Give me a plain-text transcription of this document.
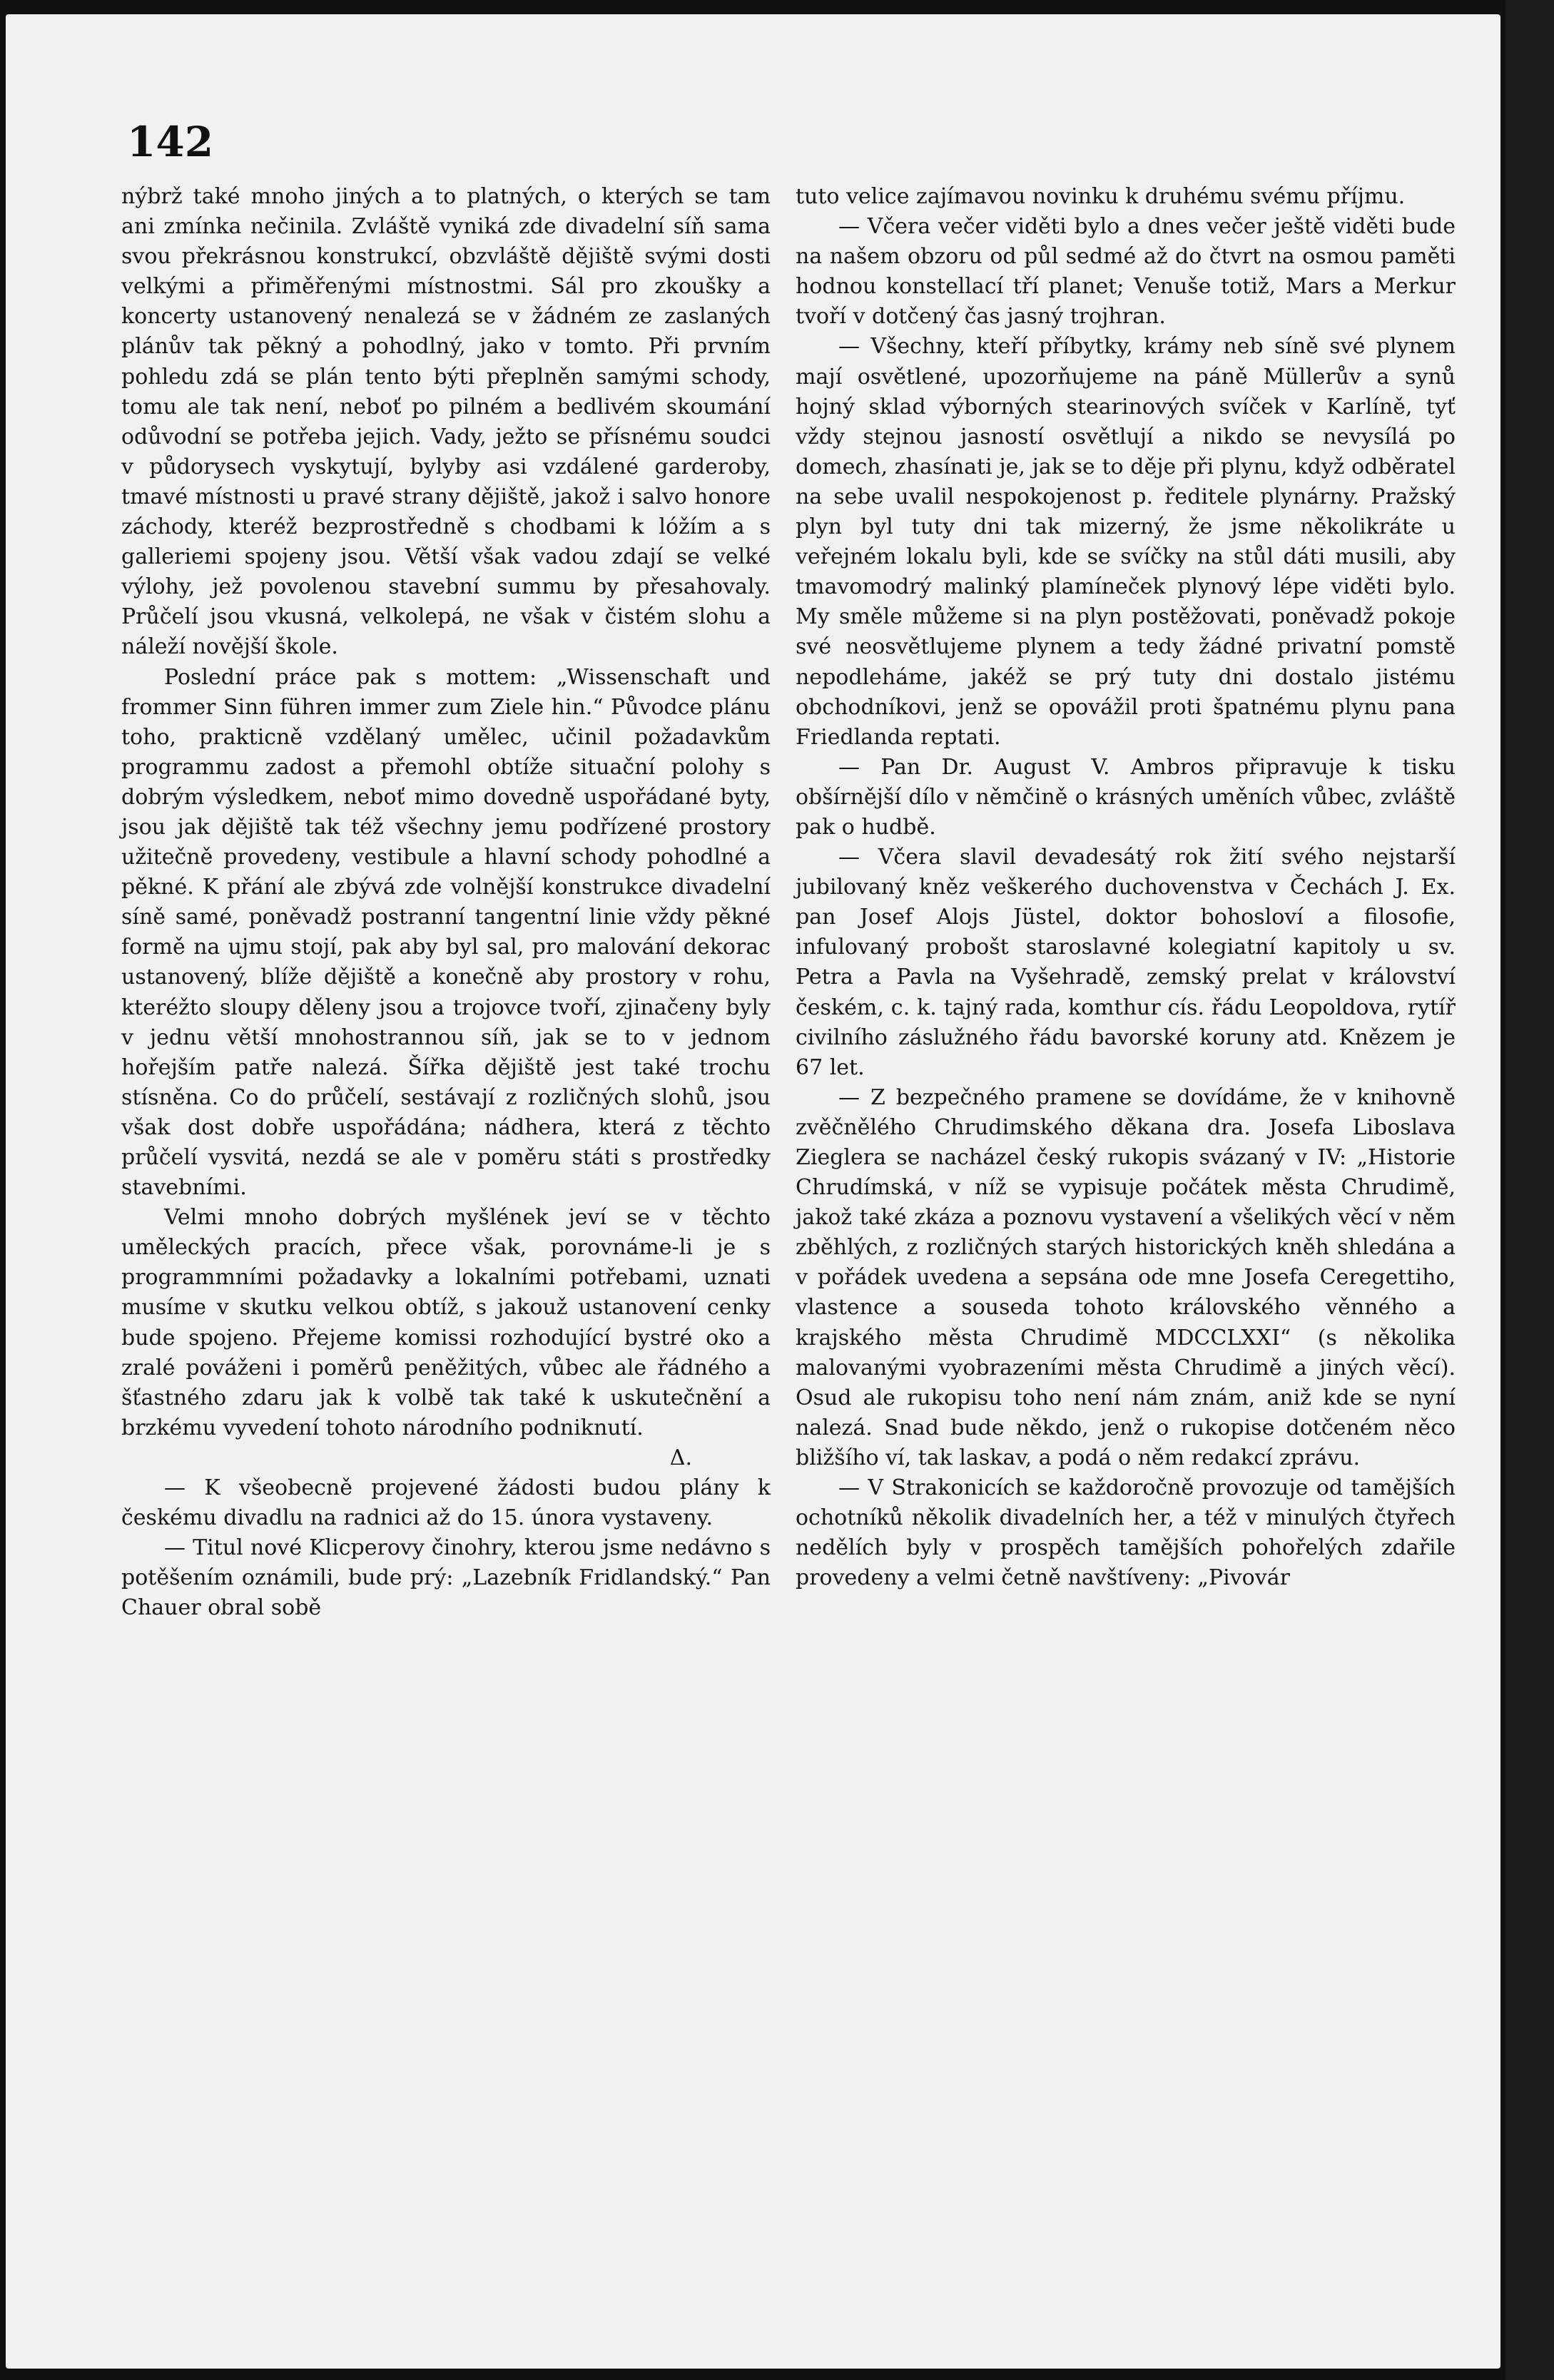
142

nýbrž také mnoho jiných a to platných, o kterých se tam ani zmínka nečinila. Zvláště vyniká zde divadelní síň sama svou překrásnou konstrukcí, obzvláště dějiště svými dosti velkými a přiměřenými místnostmi. Sál pro zkoušky a koncerty ustanovený nenalezá se v žádném ze zaslaných plánův tak pěkný a pohodlný, jako v tomto. Při prvním pohledu zdá se plán tento býti přeplněn samými schody, tomu ale tak není, neboť po pilném a bedlivém skoumání odůvodní se potřeba jejich. Vady, ježto se přísnému soudci v půdorysech vyskytují, bylyby asi vzdálené garderoby, tmavé místnosti u pravé strany dějiště, jakož i salvo honore záchody, kteréž bezprostředně s chodbami k lóžím a s galleriemi spojeny jsou. Větší však vadou zdají se velké výlohy, jež povolenou stavební summu by přesahovaly. Průčelí jsou vkusná, velkolepá, ne však v čistém slohu a náleží novější škole.

Poslední práce pak s mottem: „Wissenschaft und frommer Sinn führen immer zum Ziele hin.“ Původce plánu toho, prakticně vzdělaný umělec, učinil požadavkům programmu zadost a přemohl obtíže situační polohy s dobrým výsledkem, neboť mimo dovedně uspořádané byty, jsou jak dějiště tak též všechny jemu podřízené prostory užitečně provedeny, vestibule a hlavní schody pohodlné a pěkné. K přání ale zbývá zde volnější konstrukce divadelní síně samé, poněvadž postranní tangentní linie vždy pěkné formě na ujmu stojí, pak aby byl sal, pro malování dekorac ustanovený, blíže dějiště a konečně aby prostory v rohu, kteréžto sloupy děleny jsou a trojovce tvoří, zjinačeny byly v jednu větší mnohostrannou síň, jak se to v jednom hořejším patře nalezá. Šířka dějiště jest také trochu stísněna. Co do průčelí, sestávají z rozličných slohů, jsou však dost dobře uspořádána; nádhera, která z těchto průčelí vysvitá, nezdá se ale v poměru státi s prostředky stavebními.

Velmi mnoho dobrých myšlének jeví se v těchto uměleckých pracích, přece však, porovnáme-li je s programmními požadavky a lokalními potřebami, uznati musíme v skutku velkou obtíž, s jakouž ustanovení cenky bude spojeno. Přejeme komissi rozhodující bystré oko a zralé pováženi i poměrů peněžitých, vůbec ale řádného a šťastného zdaru jak k volbě tak také k uskutečnění a brzkému vyvedení tohoto národního podniknutí.

Δ.

— K všeobecně projevené žádosti budou plány k českému divadlu na radnici až do 15. února vystaveny.

— Titul nové Klicperovy činohry, kterou jsme nedávno s potěšením oznámili, bude prý: „Lazebník Fridlandský.“ Pan Chauer obral sobě

tuto velice zajímavou novinku k druhému svému příjmu.

— Včera večer viděti bylo a dnes večer ještě viděti bude na našem obzoru od půl sedmé až do čtvrt na osmou paměti hodnou konstellací tří planet; Venuše totiž, Mars a Merkur tvoří v dotčený čas jasný trojhran.

— Všechny, kteří příbytky, krámy neb síně své plynem mají osvětlené, upozorňujeme na páně Müllerův a synů hojný sklad výborných stearinových svíček v Karlíně, tyť vždy stejnou jasností osvětlují a nikdo se nevysílá po domech, zhasínati je, jak se to děje při plynu, když odběratel na sebe uvalil nespokojenost p. ředitele plynárny. Pražský plyn byl tuty dni tak mizerný, že jsme několikráte u veřejném lokalu byli, kde se svíčky na stůl dáti musili, aby tmavomodrý malinký plamíneček plynový lépe viděti bylo. My směle můžeme si na plyn postěžovati, poněvadž pokoje své neosvětlujeme plynem a tedy žádné privatní pomstě nepodleháme, jakéž se prý tuty dni dostalo jistému obchodníkovi, jenž se opovážil proti špatnému plynu pana Friedlanda reptati.

— Pan Dr. August V. Ambros připravuje k tisku obšírnější dílo v němčině o krásných uměních vůbec, zvláště pak o hudbě.

— Včera slavil devadesátý rok žití svého nejstarší jubilovaný kněz veškerého duchovenstva v Čechách J. Ex. pan Josef Alojs Jüstel, doktor bohosloví a filosofie, infulovaný probošt staroslavné kolegiatní kapitoly u sv. Petra a Pavla na Vyšehradě, zemský prelat v království českém, c. k. tajný rada, komthur cís. řádu Leopoldova, rytíř civilního záslužného řádu bavorské koruny atd. Knězem je 67 let.

— Z bezpečného pramene se dovídáme, že v knihovně zvěčnělého Chrudimského děkana dra. Josefa Liboslava Zieglera se nacházel český rukopis svázaný v IV: „Historie Chrudímská, v níž se vypisuje počátek města Chrudimě, jakož také zkáza a poznovu vystavení a všelikých věcí v něm zběhlých, z rozličných starých historických kněh shledána a v pořádek uvedena a sepsána ode mne Josefa Ceregettiho, vlastence a souseda tohoto královského věnného a krajského města Chrudimě MDCCLXXI“ (s několika malovanými vyobrazeními města Chrudimě a jiných věcí). Osud ale rukopisu toho není nám znám, aniž kde se nyní nalezá. Snad bude někdo, jenž o rukopise dotčeném něco bližšího ví, tak laskav, a podá o něm redakcí zprávu.

— V Strakonicích se každoročně provozuje od tamějších ochotníků několik divadelních her, a též v minulých čtyřech nedělích byly v prospěch tamějších pohořelých zdařile provedeny a velmi četně navštíveny: „Pivovár
